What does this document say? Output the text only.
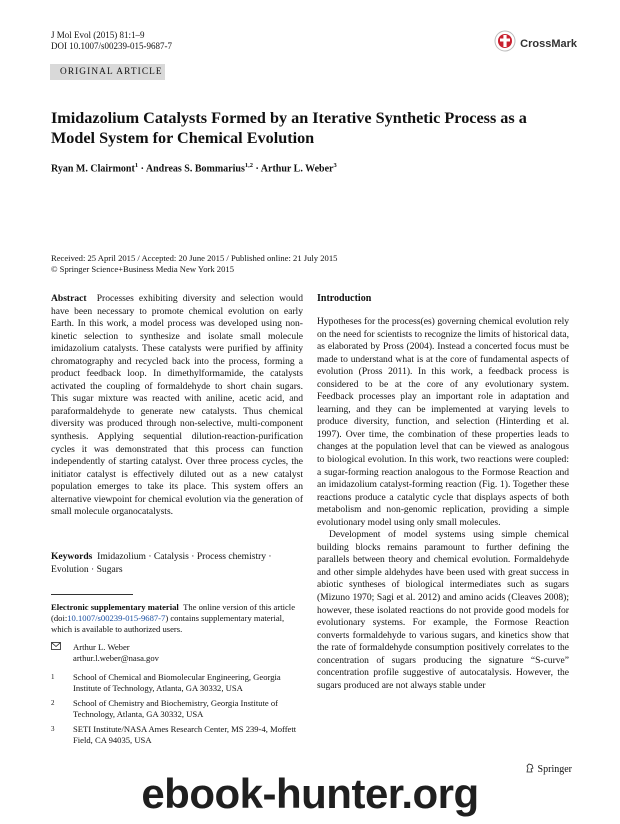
J Mol Evol (2015) 81:1–9
DOI 10.1007/s00239-015-9687-7	CrossMark
ORIGINAL ARTICLE
Imidazolium Catalysts Formed by an Iterative Synthetic Process as a Model System for Chemical Evolution
Ryan M. Clairmont$^1$ · Andreas S. Bommarius$^{1,2}$ · Arthur L. Weber$^3$
Received: 25 April 2015 / Accepted: 20 June 2015 / Published online: 21 July 2015
© Springer Science+Business Media New York 2015
Abstract Processes exhibiting diversity and selection would have been necessary to promote chemical evolution on early Earth. In this work, a model process was developed using non-kinetic selection to synthesize and isolate small molecule imidazolium catalysts. These catalysts were purified by affinity chromatography and recycled back into the process, forming a product feedback loop. In dimethylformamide, the catalysts activated the coupling of formaldehyde to short chain sugars. This sugar mixture was reacted with aniline, acetic acid, and paraformaldehyde to generate new catalysts. Thus chemical diversity was produced through non-selective, multi-component synthesis. Applying sequential dilution-reaction-purification cycles it was demonstrated that this process can function independently of starting catalyst. Over three process cycles, the initiator catalyst is effectively diluted out as a new catalyst population emerges to take its place. This system offers an alternative viewpoint for chemical evolution via the generation of small molecule organocatalysts.
Keywords Imidazolium · Catalysis · Process chemistry · Evolution · Sugars
Electronic supplementary material The online version of this article (doi:10.1007/s00239-015-9687-7) contains supplementary material, which is available to authorized users.
Arthur L. Weber
arthur.l.weber@nasa.gov
1	School of Chemical and Biomolecular Engineering, Georgia Institute of Technology, Atlanta, GA 30332, USA
2	School of Chemistry and Biochemistry, Georgia Institute of Technology, Atlanta, GA 30332, USA
3	SETI Institute/NASA Ames Research Center, MS 239-4, Moffett Field, CA 94035, USA
Introduction
Hypotheses for the process(es) governing chemical evolution rely on the need for scientists to recognize the limits of historical data, as elaborated by Pross (2004). Instead a concerted focus must be made to understand what is at the core of fundamental aspects of evolution (Pross 2011). In this work, a feedback process is considered to be at the core of any evolutionary system. Feedback processes play an important role in adaptation and learning, and they can be implemented at varying levels to produce diversity, function, and selection (Hinterding et al. 1997). Over time, the combination of these properties leads to changes at the population level that can be viewed as analogous to biological evolution. In this work, two reactions were coupled: a sugar-forming reaction analogous to the Formose Reaction and an imidazolium catalyst-forming reaction (Fig. 1). Together these reactions produce a catalytic cycle that displays aspects of both metabolism and non-genomic replication, providing a simple evolutionary model using only small molecules.
Development of model systems using simple chemical building blocks remains paramount to further defining the parallels between theory and chemical evolution. Formaldehyde and other simple aldehydes have been used with great success in abiotic syntheses of biological intermediates such as sugars (Mizuno 1970; Sagi et al. 2012) and amino acids (Cleaves 2008); however, these isolated reactions do not provide good models for evolutionary systems. For example, the Formose Reaction converts formaldehyde to various sugars, and kinetics show that the rate of formaldehyde consumption positively correlates to the concentration of sugars producing the signature “S-curve” concentration profile suggestive of autocatalysis. However, the sugars produced are not always stable under
Springer
ebook-hunter.org
